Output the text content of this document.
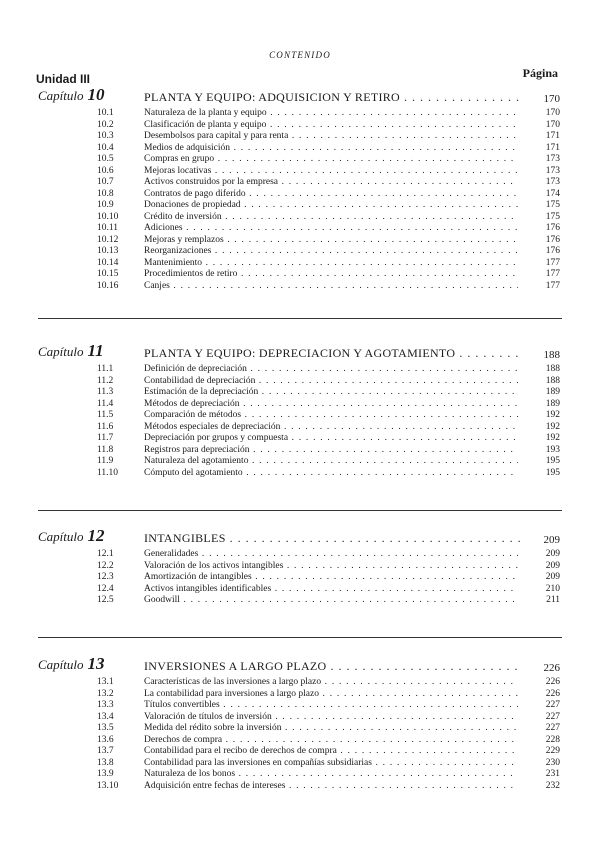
CONTENIDO
Unidad III	Página
Capítulo 10	PLANTA Y EQUIPO: ADQUISICION Y RETIRO . . .	170
10.1	Naturaleza de la planta y equipo . . .	170
10.2	Clasificación de planta y equipo . . .	170
10.3	Desembolsos para capital y para renta . . .	171
10.4	Medios de adquisición . . .	171
10.5	Compras en grupo . . .	173
10.6	Mejoras locativas . . .	173
10.7	Activos construidos por la empresa . . .	173
10.8	Contratos de pago diferido . . .	174
10.9	Donaciones de propiedad . . .	175
10.10	Crédito de inversión . . .	175
10.11	Adiciones . . .	176
10.12	Mejoras y remplazos . . .	176
10.13	Reorganizaciones . . .	176
10.14	Mantenimiento . . .	177
10.15	Procedimientos de retiro . . .	177
10.16	Canjes . . .	177
Capítulo 11	PLANTA Y EQUIPO: DEPRECIACION Y AGOTAMIENTO . . .	188
11.1	Definición de depreciación . . .	188
11.2	Contabilidad de depreciación . . .	188
11.3	Estimación de la depreciación . . .	189
11.4	Métodos de depreciación . . .	189
11.5	Comparación de métodos . . .	192
11.6	Métodos especiales de depreciación . . .	192
11.7	Depreciación por grupos y compuesta . . .	192
11.8	Registros para depreciación . . .	193
11.9	Naturaleza del agotamiento . . .	195
11.10	Cómputo del agotamiento . . .	195
Capítulo 12	INTANGIBLES . . .	209
12.1	Generalidades . . .	209
12.2	Valoración de los activos intangibles . . .	209
12.3	Amortización de intangibles . . .	209
12.4	Activos intangibles identificables . . .	210
12.5	Goodwill . . .	211
Capítulo 13	INVERSIONES A LARGO PLAZO . . .	226
13.1	Características de las inversiones a largo plazo . . .	226
13.2	La contabilidad para inversiones a largo plazo . . .	226
13.3	Títulos convertibles . . .	227
13.4	Valoración de títulos de inversión . . .	227
13.5	Medida del rédito sobre la inversión . . .	227
13.6	Derechos de compra . . .	228
13.7	Contabilidad para el recibo de derechos de compra . . .	229
13.8	Contabilidad para las inversiones en compañías subsidiarias . . .	230
13.9	Naturaleza de los bonos . . .	231
13.10	Adquisición entre fechas de intereses . . .	232
